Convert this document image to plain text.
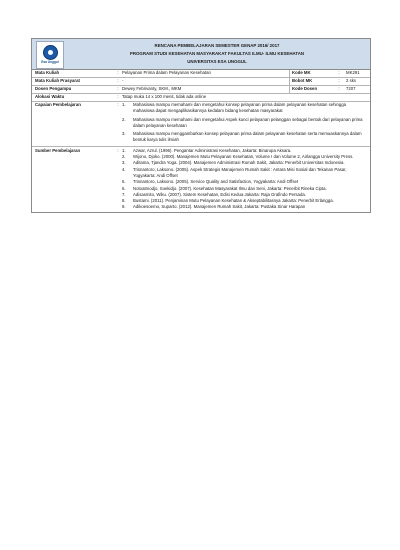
Esa Unggul
RENCANA PEMBELAJARAN SEMESTER GENAP 2016/ 2017
PROGRAM STUDI KESEHATAN MASYARAKAT FAKULTAS ILMU- ILMU KESEHATAN
UNIVERSITAS ESA UNGGUL
Mata Kuliah	: Pelayanan Prima dalam Pelayanan Kesehatan	Kode MK	:	MK291
Mata Kuliah Prasyarat	: -	Bobot MK	:	2 sks
Dosen Pengampu	: Dewey Febrivanty, SKM., MKM	Kode Dosen	:	7207
Alokasi Waktu	: Tatap muka 14 x 100 menit, tidak ada online
Capaian Pembelajaran	: 1.	Mahasiswa mampu memahami dan mengetahui konsep pelayanan prima dalam pelayanan kesehatan sehingga mahasiswa dapat mengaplikasikannya kedalam bidang kesehatan masyarakat
2.	Mahasiswa mampu memahami dan mengetahui Aspek kunci pelayanan pelanggan sebagai bentuk dari pelayanan prima dalam pelayanan kesehatan
3.	Mahasiswa mampu menggambarkan konsep pelayanan prima dalam pelayanan kesehatan serta memuaskannya dalam bentuk karya tulis ilmiah
Sumber Pembelajaran	: 1.	Azwar, Azrul. (1996). Pengantar Administrasi Kesehatan, Jakarta: Binarupa Aksara.
2.	Wijono, Djoko. (2000). Manajemen Mutu Pelayanan Kesehatan, Volume I dan Volume 2, Airlangga University Press.
3.	Aditama, Tjandra Yoga. (2004). Manajemen Administrasi Rumah Sakit, Jakarta: Penerbit Universitas Indonesia.
4.	Trisnantoro, Laksono. (2005). Aspek Strategis Manajemen Rumah Sakit : Antara Misi Sosial dan Tekanan Pasar, Yogyakarta: Andi Offset
5.	Trisnantoro, Laksono. (2005). Service Quality and Satisfaction, Yogyakarta: Andi Offset
6.	Notoatmodjo, Soekidjo. (2007). Kesehatan Masyarakat Ilmu dan Seni, Jakarta: Penerbit Rineka Cipta.
7.	Adisasmito, Wiku. (2007). Sistem Kesehatan, Edisi Kedua Jakarta: Raja Grafindo Persada.
8.	Bustami. (2011). Penjaminan Mutu Pelayanan Kesehatan & Akseptabilitasnya Jakarta: Penerbit Erlangga.
9.	Adikoesoemo, Suparto. (2012). Manajemen Rumah Sakit, Jakarta: Pustaka Sinar Harapan
